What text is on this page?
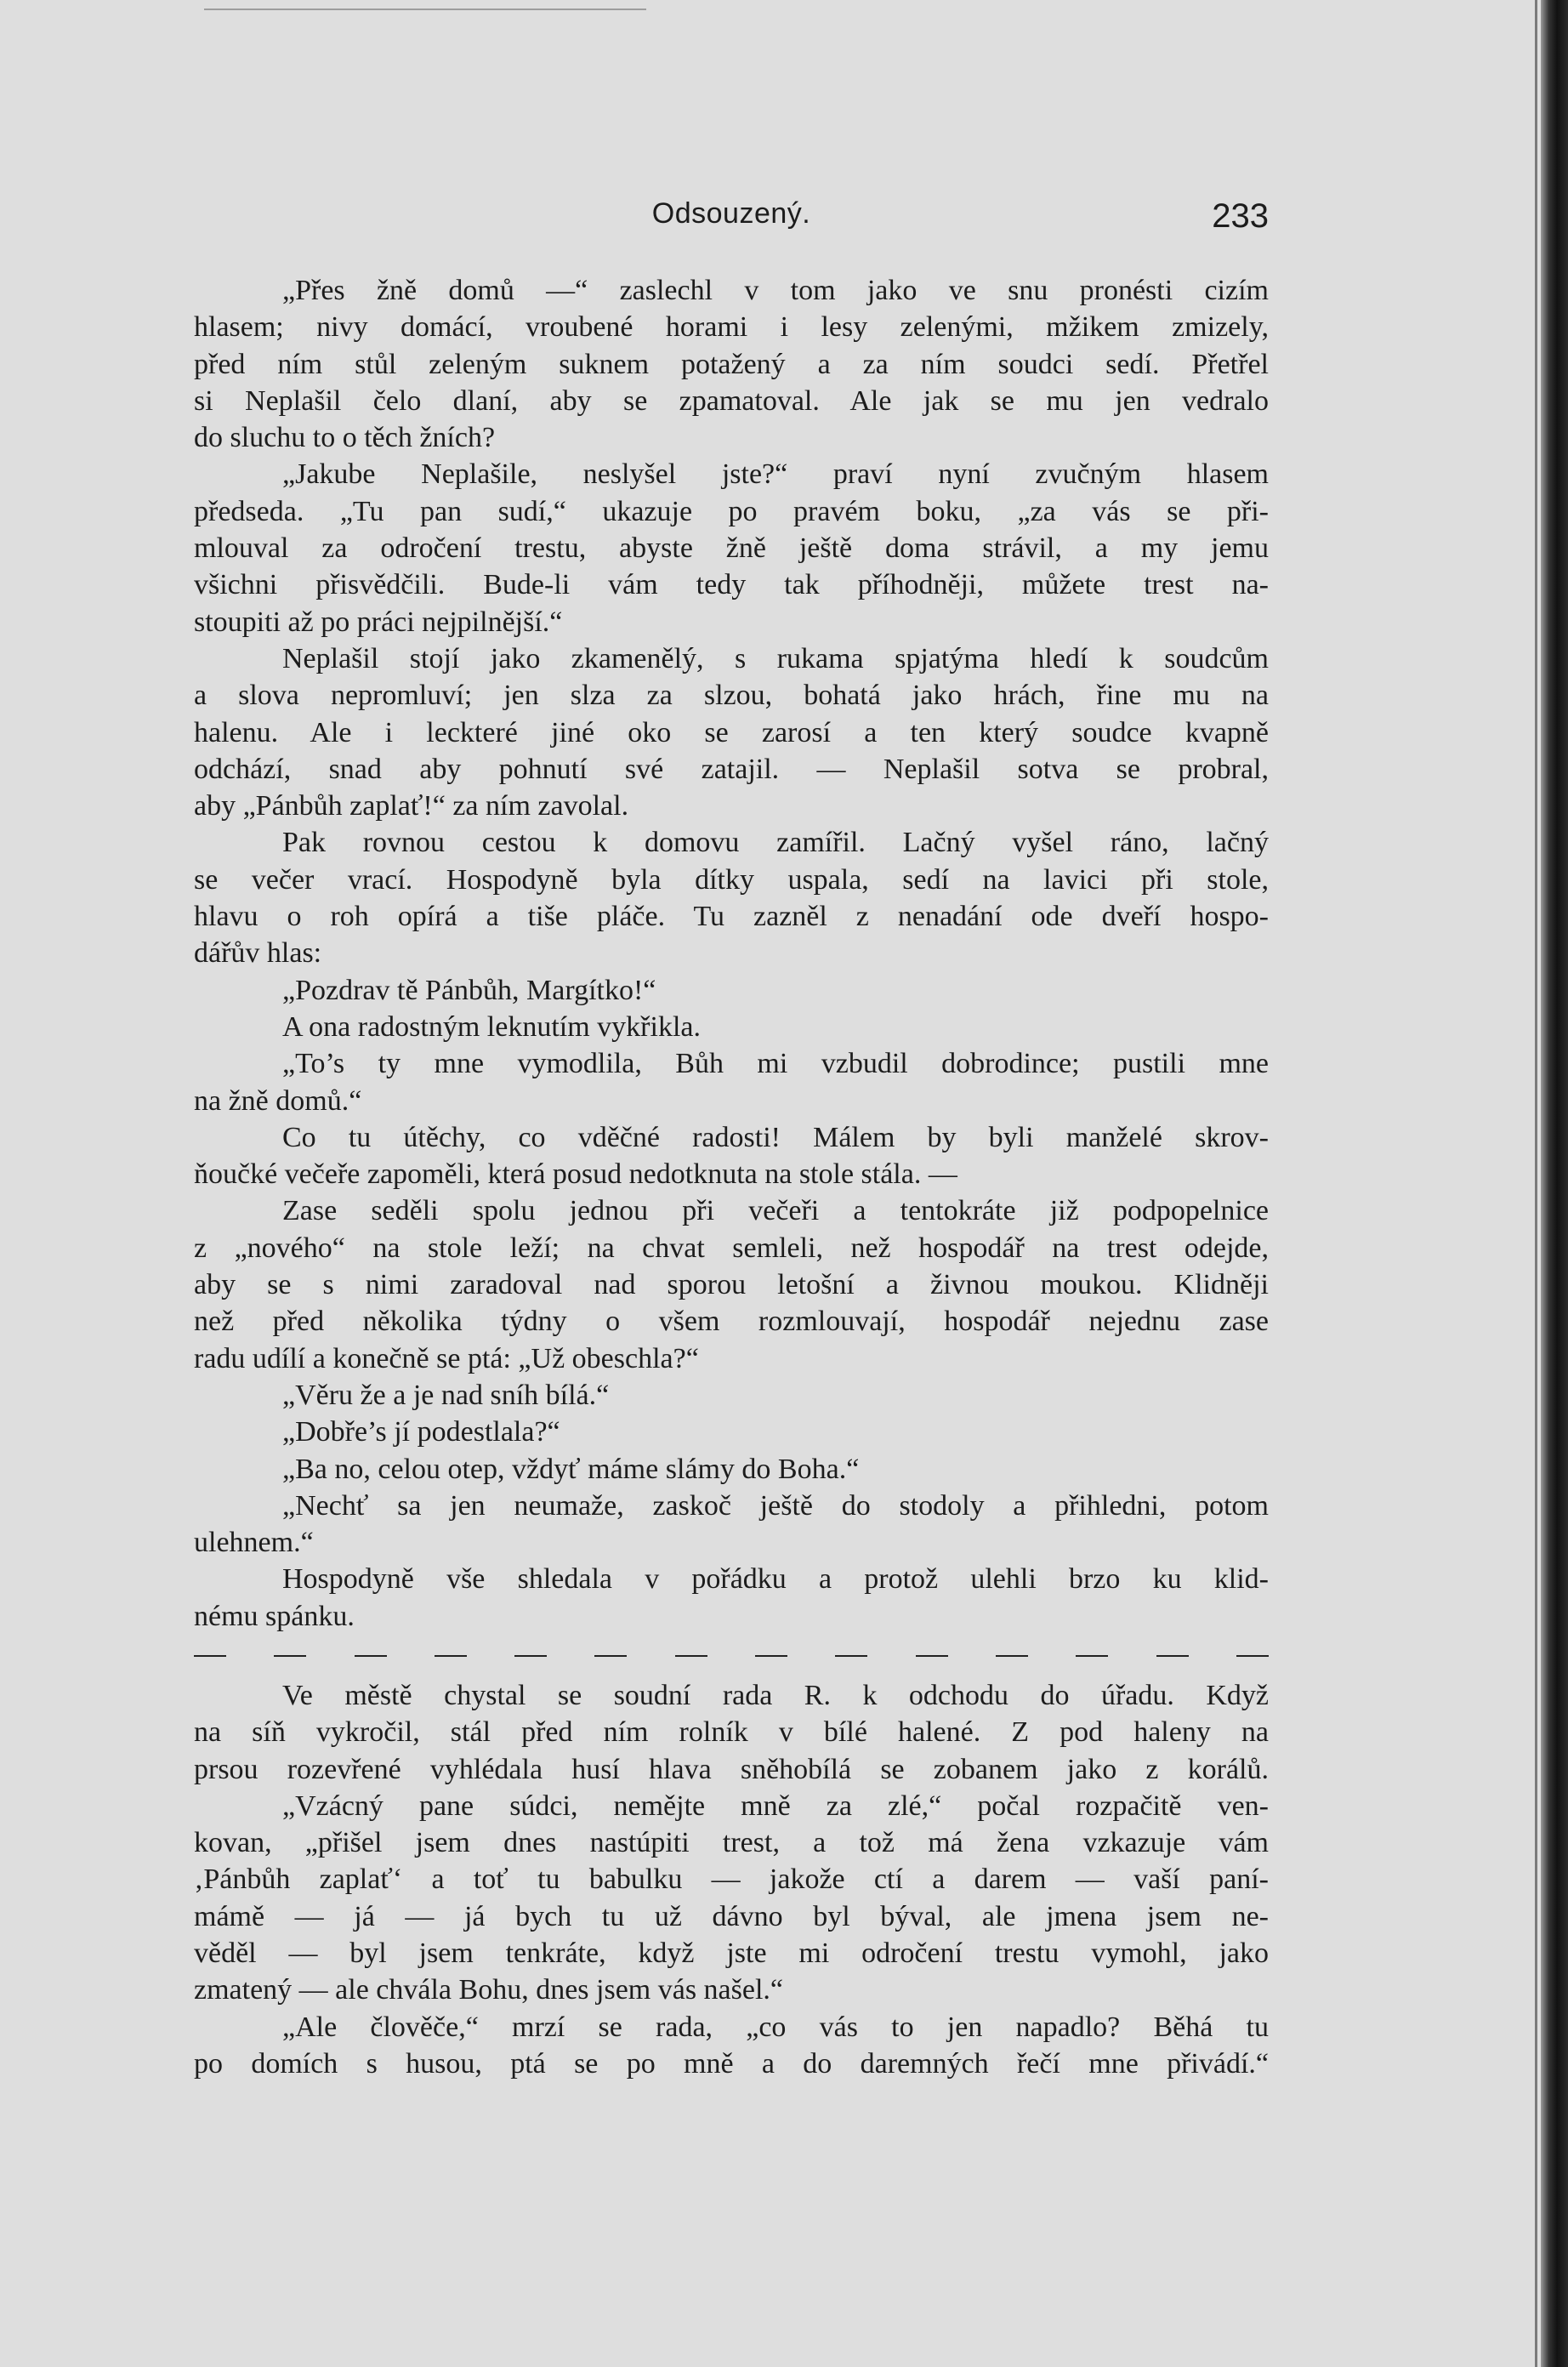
Odsouzený.	233
„Přes žně domů —“ zaslechl v tom jako ve snu pronésti cizím
hlasem; nivy domácí, vroubené horami i lesy zelenými, mžikem zmizely,
před ním stůl zeleným suknem potažený a za ním soudci sedí. Přetřel
si Neplašil čelo dlaní, aby se zpamatoval. Ale jak se mu jen vedralo
do sluchu to o těch žních?
„Jakube Neplašile, neslyšel jste?“ praví nyní zvučným hlasem
předseda. „Tu pan sudí,“ ukazuje po pravém boku, „za vás se při-
mlouval za odročení trestu, abyste žně ještě doma strávil, a my jemu
všichni přisvědčili. Bude-li vám tedy tak příhodněji, můžete trest na-
stoupiti až po práci nejpilnější.“
Neplašil stojí jako zkamenělý, s rukama spjatýma hledí k soudcům
a slova nepromluví; jen slza za slzou, bohatá jako hrách, řine mu na
halenu. Ale i leckteré jiné oko se zarosí a ten který soudce kvapně
odchází, snad aby pohnutí své zatajil. — Neplašil sotva se probral,
aby „Pánbůh zaplať!“ za ním zavolal.
Pak rovnou cestou k domovu zamířil. Lačný vyšel ráno, lačný
se večer vrací. Hospodyně byla dítky uspala, sedí na lavici při stole,
hlavu o roh opírá a tiše pláče. Tu zazněl z nenadání ode dveří hospo-
dářův hlas:
„Pozdrav tě Pánbůh, Margítko!“
A ona radostným leknutím vykřikla.
„To’s ty mne vymodlila, Bůh mi vzbudil dobrodince; pustili mne
na žně domů.“
Co tu útěchy, co vděčné radosti! Málem by byli manželé skrov-
ňoučké večeře zapoměli, která posud nedotknuta na stole stála. —
Zase seděli spolu jednou při večeři a tentokráte již podpopelnice
z „nového“ na stole leží; na chvat semleli, než hospodář na trest odejde,
aby se s nimi zaradoval nad sporou letošní a živnou moukou. Klidněji
než před několika týdny o všem rozmlouvají, hospodář nejednu zase
radu udílí a konečně se ptá: „Už obeschla?“
„Věru že a je nad sníh bílá.“
„Dobře’s jí podestlala?“
„Ba no, celou otep, vždyť máme slámy do Boha.“
„Nechť sa jen neumaže, zaskoč ještě do stodoly a přihledni, potom
ulehnem.“
Hospodyně vše shledala v pořádku a protož ulehli brzo ku klid-
nému spánku.
Ve městě chystal se soudní rada R. k odchodu do úřadu. Když
na síň vykročil, stál před ním rolník v bílé halené. Z pod haleny na
prsou rozevřené vyhlédala husí hlava sněhobílá se zobanem jako z korálů.
„Vzácný pane súdci, nemějte mně za zlé,“ počal rozpačitě ven-
kovan, „přišel jsem dnes nastúpiti trest, a tož má žena vzkazuje vám
‚Pánbůh zaplať‘ a toť tu babulku — jakože ctí a darem — vaší paní-
mámě — já — já bych tu už dávno byl býval, ale jmena jsem ne-
věděl — byl jsem tenkráte, když jste mi odročení trestu vymohl, jako
zmatený — ale chvála Bohu, dnes jsem vás našel.“
„Ale člověče,“ mrzí se rada, „co vás to jen napadlo? Běhá tu
po domích s husou, ptá se po mně a do daremných řečí mne přivádí.“
